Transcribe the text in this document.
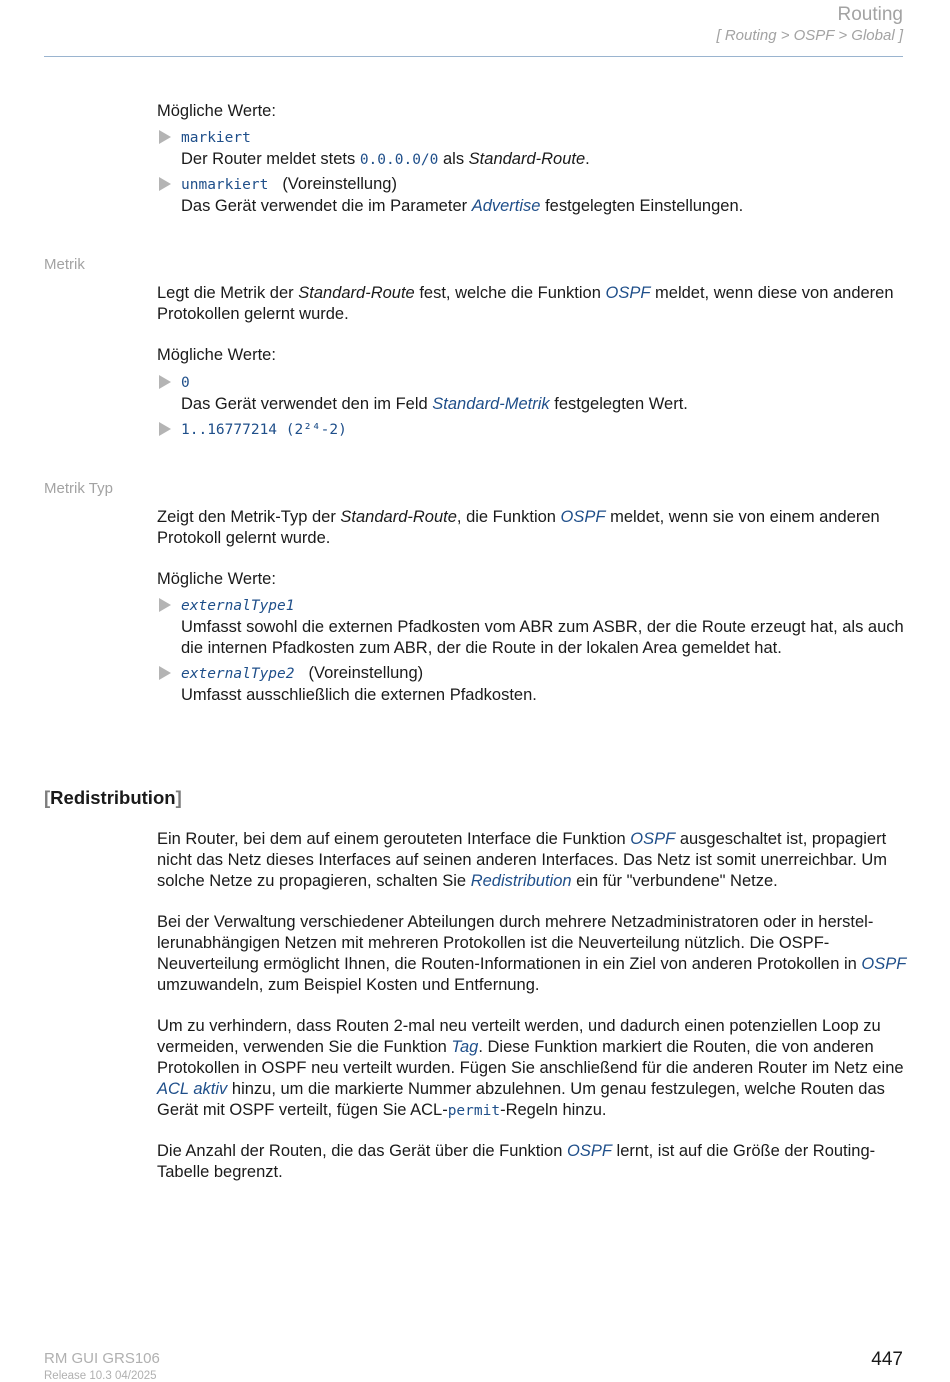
Routing
[ Routing > OSPF > Global ]
Mögliche Werte:
markiert
Der Router meldet stets 0.0.0.0/0 als Standard-Route.
unmarkiert (Voreinstellung)
Das Gerät verwendet die im Parameter Advertise festgelegten Einstellungen.
Metrik
Legt die Metrik der Standard-Route fest, welche die Funktion OSPF meldet, wenn diese von anderen Protokollen gelernt wurde.
Mögliche Werte:
0
Das Gerät verwendet den im Feld Standard-Metrik festgelegten Wert.
1..16777214 (2²⁴-2)
Metrik Typ
Zeigt den Metrik-Typ der Standard-Route, die Funktion OSPF meldet, wenn sie von einem anderen Protokoll gelernt wurde.
Mögliche Werte:
externalType1
Umfasst sowohl die externen Pfadkosten vom ABR zum ASBR, der die Route erzeugt hat, als auch die internen Pfadkosten zum ABR, der die Route in der lokalen Area gemeldet hat.
externalType2 (Voreinstellung)
Umfasst ausschließlich die externen Pfadkosten.
[Redistribution]
Ein Router, bei dem auf einem gerouteten Interface die Funktion OSPF ausgeschaltet ist, propagiert nicht das Netz dieses Interfaces auf seinen anderen Interfaces. Das Netz ist somit unerreichbar. Um solche Netze zu propagieren, schalten Sie Redistribution ein für "verbundene" Netze.
Bei der Verwaltung verschiedener Abteilungen durch mehrere Netzadministratoren oder in herstel-lerunabhängigen Netzen mit mehreren Protokollen ist die Neuverteilung nützlich. Die OSPF-Neuverteilung ermöglicht Ihnen, die Routen-Informationen in ein Ziel von anderen Protokollen in OSPF umzuwandeln, zum Beispiel Kosten und Entfernung.
Um zu verhindern, dass Routen 2-mal neu verteilt werden, und dadurch einen potenziellen Loop zu vermeiden, verwenden Sie die Funktion Tag. Diese Funktion markiert die Routen, die von anderen Protokollen in OSPF neu verteilt wurden. Fügen Sie anschließend für die anderen Router im Netz eine ACL aktiv hinzu, um die markierte Nummer abzulehnen. Um genau festzulegen, welche Routen das Gerät mit OSPF verteilt, fügen Sie ACL-permit-Regeln hinzu.
Die Anzahl der Routen, die das Gerät über die Funktion OSPF lernt, ist auf die Größe der Routing-Tabelle begrenzt.
RM GUI GRS106
Release 10.3 04/2025
447
